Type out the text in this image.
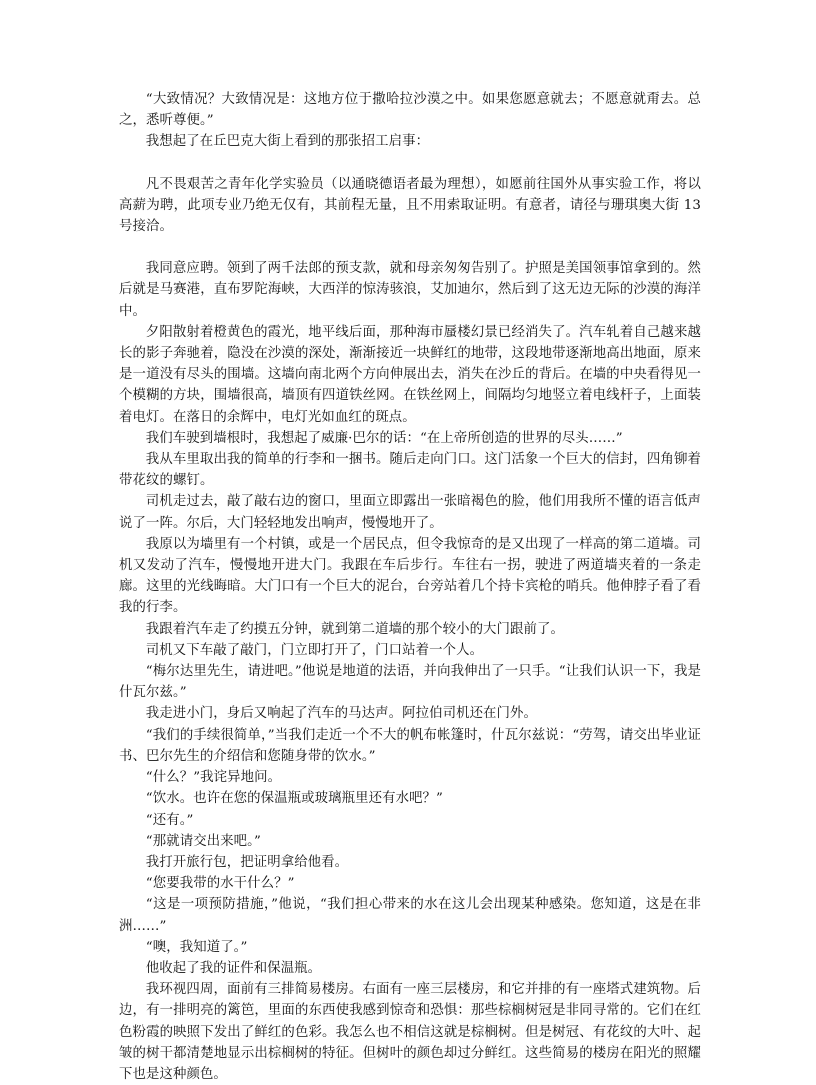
“大致情况？大致情况是：这地方位于撒哈拉沙漠之中。如果您愿意就去；不愿意就甭去。总之，悉听尊便。”

我想起了在丘巴克大街上看到的那张招工启事：

凡不畏艰苦之青年化学实验员（以通晓德语者最为理想），如愿前往国外从事实验工作，将以高薪为聘，此项专业乃绝无仅有，其前程无量，且不用索取证明。有意者，请径与珊琪奥大街 13 号接洽。

我同意应聘。领到了两千法郎的预支款，就和母亲匆匆告别了。护照是美国领事馆拿到的。然后就是马赛港，直布罗陀海峡，大西洋的惊涛骇浪，艾加迪尔，然后到了这无边无际的沙漠的海洋中。

夕阳散射着橙黄色的霞光，地平线后面，那种海市蜃楼幻景已经消失了。汽车轧着自己越来越长的影子奔驰着，隐没在沙漠的深处，渐渐接近一块鲜红的地带，这段地带逐渐地高出地面，原来是一道没有尽头的围墙。这墙向南北两个方向伸展出去，消失在沙丘的背后。在墙的中央看得见一个模糊的方块，围墙很高，墙顶有四道铁丝网。在铁丝网上，间隔均匀地竖立着电线杆子，上面装着电灯。在落日的余辉中，电灯光如血红的斑点。

我们车驶到墙根时，我想起了威廉·巴尔的话：“在上帝所创造的世界的尽头……”

我从车里取出我的简单的行李和一捆书。随后走向门口。这门活象一个巨大的信封，四角铆着带花纹的螺钉。

司机走过去，敲了敲右边的窗口，里面立即露出一张暗褐色的脸，他们用我所不懂的语言低声说了一阵。尔后，大门轻轻地发出响声，慢慢地开了。

我原以为墙里有一个村镇，或是一个居民点，但令我惊奇的是又出现了一样高的第二道墙。司机又发动了汽车，慢慢地开进大门。我跟在车后步行。车往右一拐，驶进了两道墙夹着的一条走廊。这里的光线晦暗。大门口有一个巨大的泥台，台旁站着几个持卡宾枪的哨兵。他伸脖子看了看我的行李。

我跟着汽车走了约摸五分钟，就到第二道墙的那个较小的大门跟前了。

司机又下车敲了敲门，门立即打开了，门口站着一个人。

“梅尔达里先生，请进吧。”他说是地道的法语，并向我伸出了一只手。“让我们认识一下，我是什瓦尔兹。”

我走进小门，身后又响起了汽车的马达声。阿拉伯司机还在门外。

“我们的手续很简单，”当我们走近一个不大的帆布帐篷时，什瓦尔兹说：“劳驾，请交出毕业证书、巴尔先生的介绍信和您随身带的饮水。”

“什么？”我诧异地问。

“饮水。也许在您的保温瓶或玻璃瓶里还有水吧？”

“还有。”

“那就请交出来吧。”

我打开旅行包，把证明拿给他看。

“您要我带的水干什么？”

“这是一项预防措施，”他说，“我们担心带来的水在这儿会出现某种感染。您知道，这是在非洲……”

“噢，我知道了。”

他收起了我的证件和保温瓶。

我环视四周，面前有三排简易楼房。右面有一座三层楼房，和它并排的有一座塔式建筑物。后边，有一排明亮的篱笆，里面的东西使我感到惊奇和恐惧：那些棕榈树冠是非同寻常的。它们在红色粉霞的映照下发出了鲜红的色彩。我怎么也不相信这就是棕榈树。但是树冠、有花纹的大叶、起皱的树干都清楚地显示出棕榈树的特征。但树叶的颜色却过分鲜红。这些简易的楼房在阳光的照耀下也是这种颜色。
